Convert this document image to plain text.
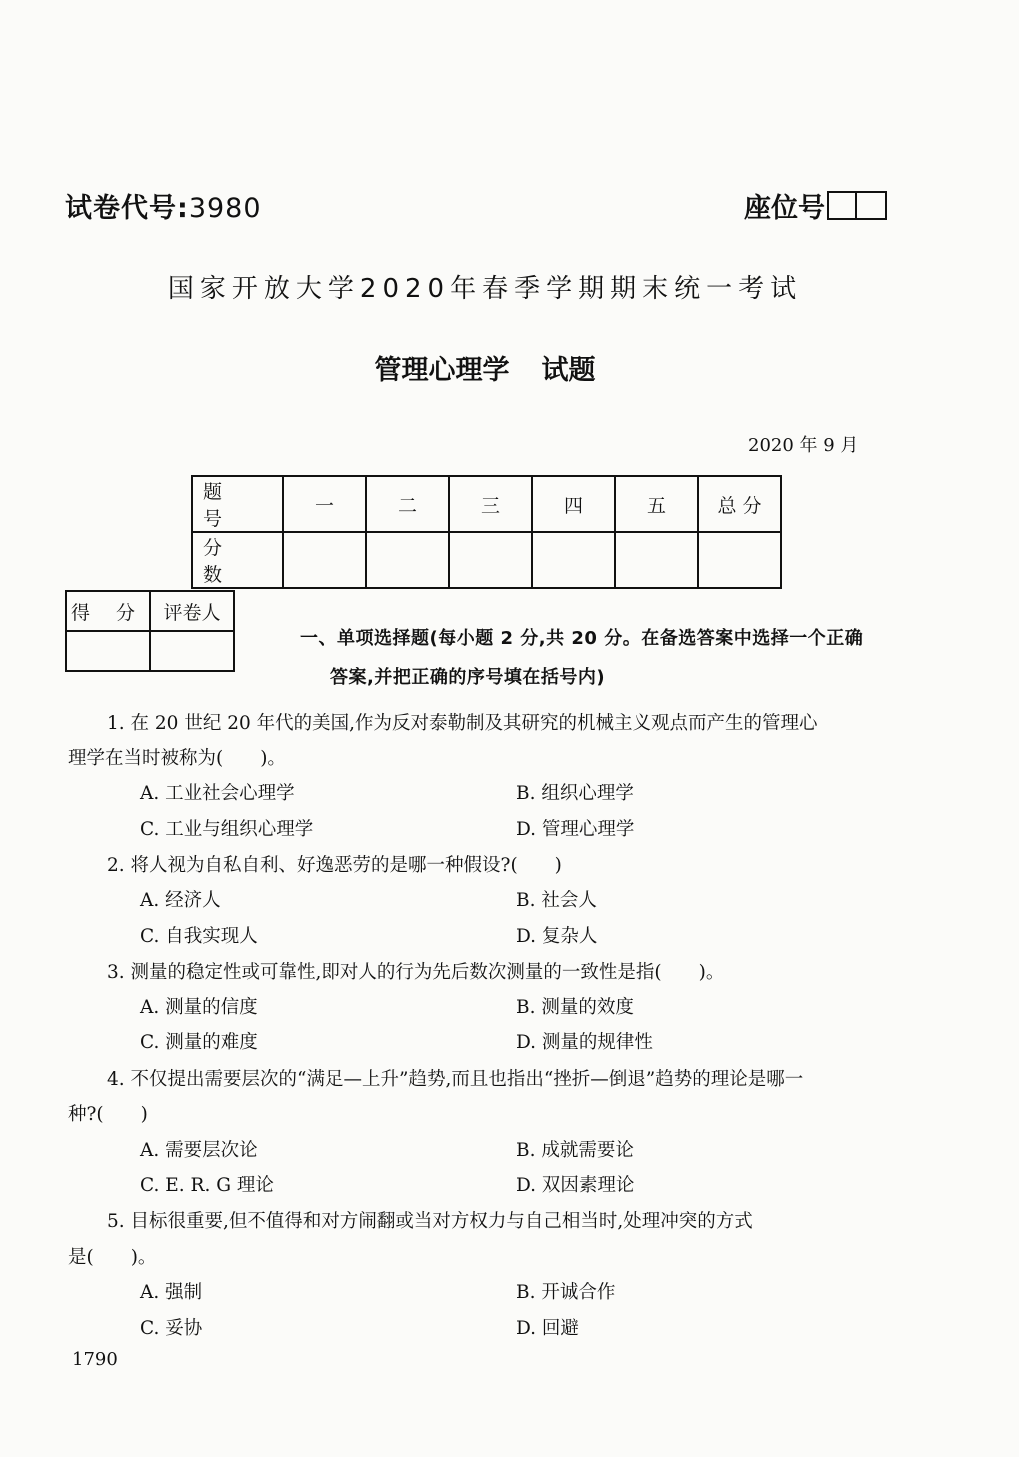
试卷代号:3980	座位号
国家开放大学2020年春季学期期末统一考试
管理心理学 试题
2020 年 9 月
题 号	一	二	三	四	五	总 分
分 数						
得 分	评卷人

一、单项选择题(每小题 2 分,共 20 分。在备选答案中选择一个正确
答案,并把正确的序号填在括号内)
1. 在 20 世纪 20 年代的美国,作为反对泰勒制及其研究的机械主义观点而产生的管理心
理学在当时被称为(　　)。
A. 工业社会心理学	B. 组织心理学
C. 工业与组织心理学	D. 管理心理学
2. 将人视为自私自利、好逸恶劳的是哪一种假设?(　　)
A. 经济人	B. 社会人
C. 自我实现人	D. 复杂人
3. 测量的稳定性或可靠性,即对人的行为先后数次测量的一致性是指(　　)。
A. 测量的信度	B. 测量的效度
C. 测量的难度	D. 测量的规律性
4. 不仅提出需要层次的“满足—上升”趋势,而且也指出“挫折—倒退”趋势的理论是哪一
种?(　　)
A. 需要层次论	B. 成就需要论
C. E. R. G 理论	D. 双因素理论
5. 目标很重要,但不值得和对方闹翻或当对方权力与自己相当时,处理冲突的方式
是(　　)。
A. 强制	B. 开诚合作
C. 妥协	D. 回避
1790
